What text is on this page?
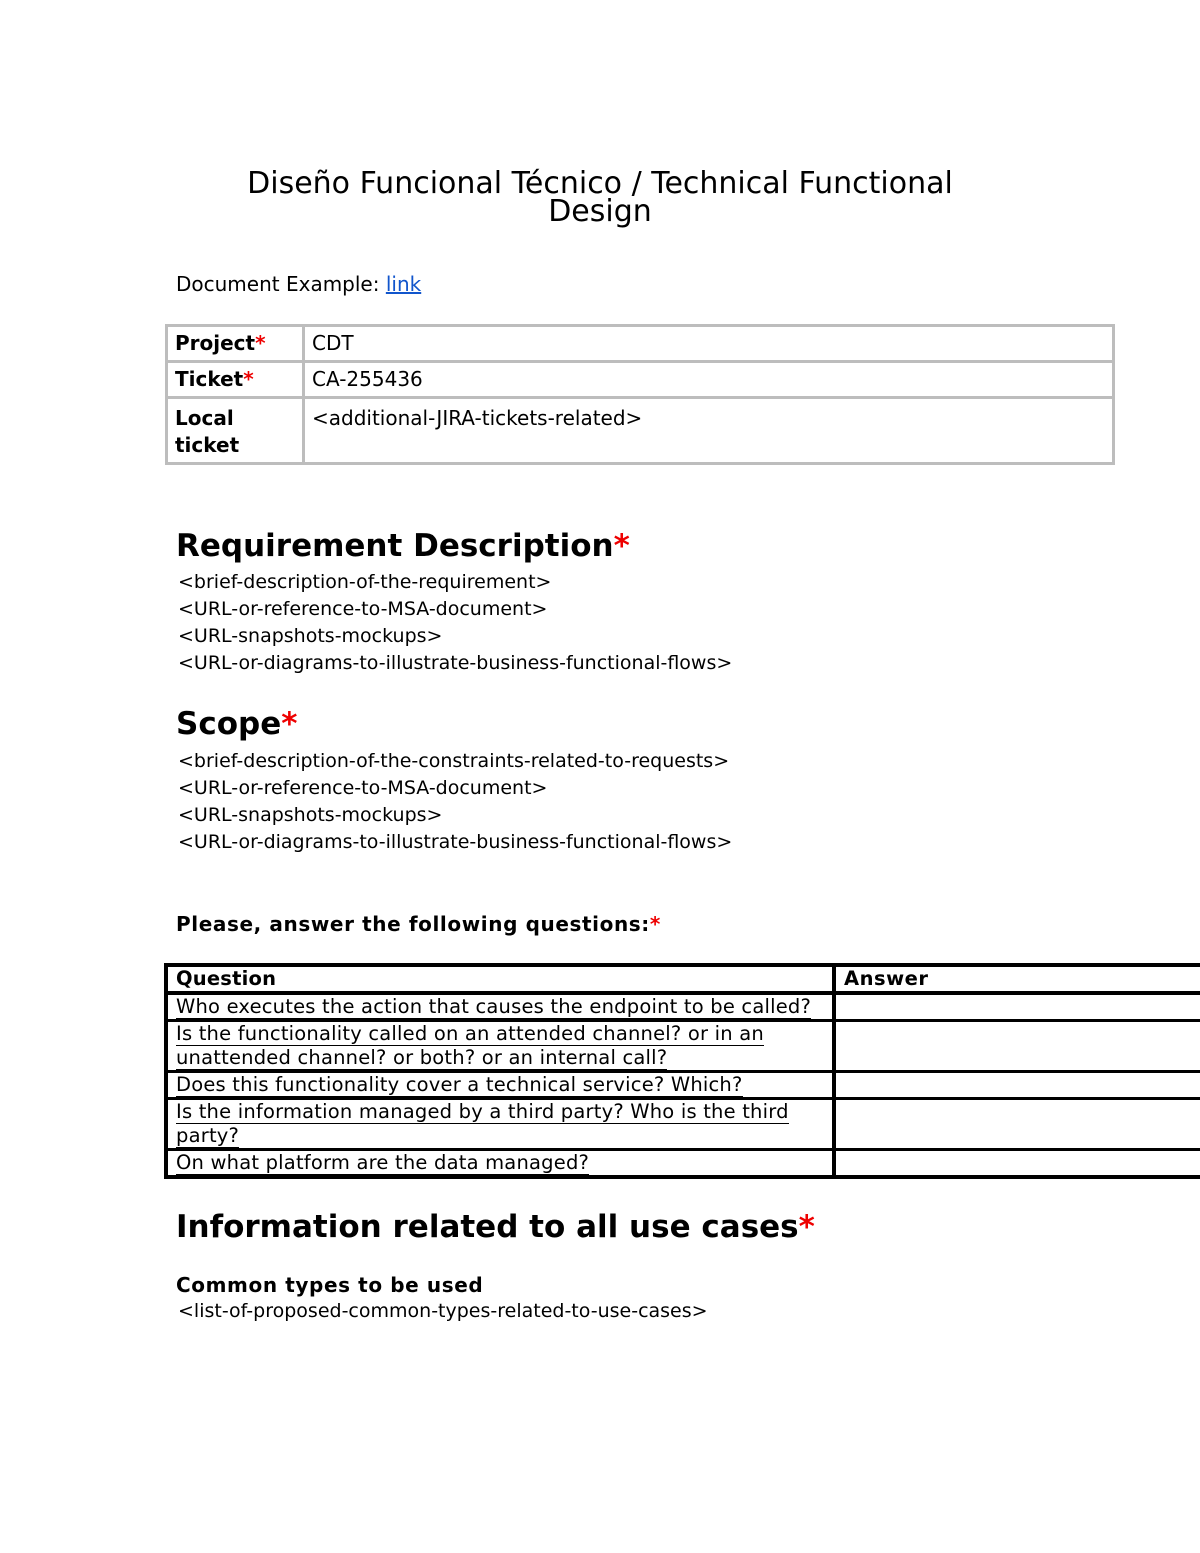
Diseño Funcional Técnico / Technical Functional Design
Document Example: link
Project*	CDT
Ticket*	CA-255436
Local ticket	<additional-JIRA-tickets-related>
Requirement Description*
<brief-description-of-the-requirement>
<URL-or-reference-to-MSA-document>
<URL-snapshots-mockups>
<URL-or-diagrams-to-illustrate-business-functional-flows>
Scope*
<brief-description-of-the-constraints-related-to-requests>
<URL-or-reference-to-MSA-document>
<URL-snapshots-mockups>
<URL-or-diagrams-to-illustrate-business-functional-flows>
Please, answer the following questions:*
Question	Answer
Who executes the action that causes the endpoint to be called?	
Is the functionality called on an attended channel? or in an unattended channel? or both? or an internal call?	
Does this functionality cover a technical service? Which?	
Is the information managed by a third party? Who is the third party?	
On what platform are the data managed?	
Information related to all use cases*
Common types to be used
<list-of-proposed-common-types-related-to-use-cases>
